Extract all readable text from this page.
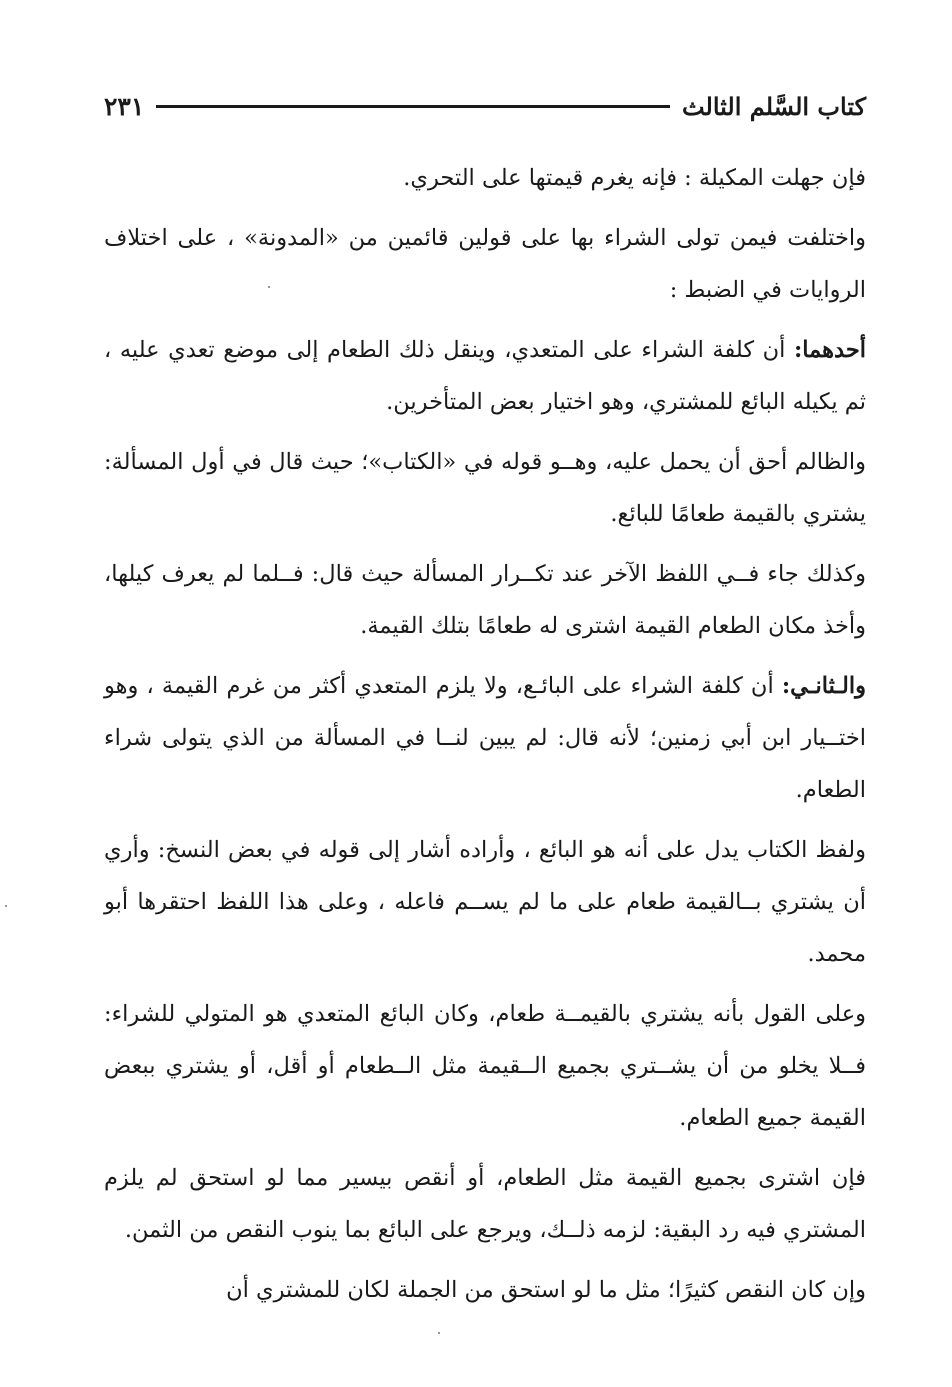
كتاب السَّلم الثالث
٢٣١

فإن جهلت المكيلة : فإنه يغرم قيمتها على التحري.

واختلفت فيمن تولى الشراء بها على قولين قائمين من «المدونة» ، على اختلاف الروايات في الضبط :

أحدهما: أن كلفة الشراء على المتعدي، وينقل ذلك الطعام إلى موضع تعدي عليه ، ثم يكيله البائع للمشتري، وهو اختيار بعض المتأخرين.

والظالم أحق أن يحمل عليه، وهــو قوله في «الكتاب»؛ حيث قال في أول المسألة: يشتري بالقيمة طعامًا للبائع.

وكذلك جاء فــي اللفظ الآخر عند تكــرار المسألة حيث قال: فــلما لم يعرف كيلها، وأخذ مكان الطعام القيمة اشترى له طعامًا بتلك القيمة.

والـثانـي: أن كلفة الشراء على البائـع، ولا يلزم المتعدي أكثر من غرم القيمة ، وهو اختــيار ابن أبي زمنين؛ لأنه قال: لم يبين لنــا في المسألة من الذي يتولى شراء الطعام.

ولفظ الكتاب يدل على أنه هو البائع ، وأراده أشار إلى قوله في بعض النسخ: وأري أن يشتري بــالقيمة طعام على ما لم يســم فاعله ، وعلى هذا اللفظ احتقرها أبو محمد.

وعلى القول بأنه يشتري بالقيمــة طعام، وكان البائع المتعدي هو المتولي للشراء: فــلا يخلو من أن يشــتري بجميع الــقيمة مثل الــطعام أو أقل، أو يشتري ببعض القيمة جميع الطعام.

فإن اشترى بجميع القيمة مثل الطعام، أو أنقص بيسير مما لو استحق لم يلزم المشتري فيه رد البقية: لزمه ذلــك، ويرجع على البائع بما ينوب النقص من الثمن.

وإن كان النقص كثيرًا؛ مثل ما لو استحق من الجملة لكان للمشتري أن
